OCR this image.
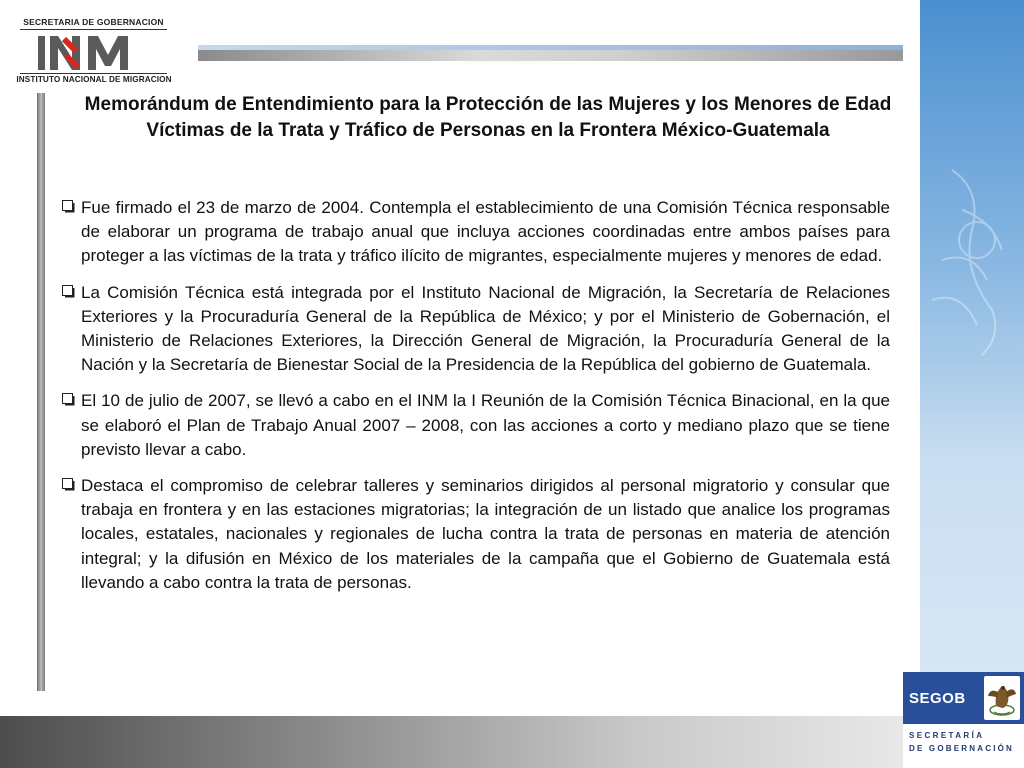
SEGOB
SECRETARÍA
DE GOBERNACIÓN
SECRETARIA DE GOBERNACION
INSTITUTO NACIONAL DE MIGRACION
Memorándum de Entendimiento para la Protección de las Mujeres y los Menores de Edad Víctimas de la Trata y Tráfico de Personas en la Frontera México-Guatemala
Fue firmado el 23 de marzo de 2004. Contempla el establecimiento de una Comisión Técnica responsable de elaborar un programa de trabajo anual que incluya acciones coordinadas entre ambos países para proteger a las víctimas de la trata y tráfico ilícito de migrantes, especialmente mujeres y menores de edad.
La Comisión Técnica está integrada por el Instituto Nacional de Migración, la Secretaría de Relaciones Exteriores y la Procuraduría General de la República de México; y por el Ministerio de Gobernación, el Ministerio de Relaciones Exteriores, la Dirección General de Migración, la Procuraduría General de la Nación y la Secretaría de Bienestar Social de la Presidencia de la República del gobierno de Guatemala.
El 10 de julio de 2007, se llevó a cabo en el INM la I Reunión de la Comisión Técnica Binacional, en la que se elaboró el Plan de Trabajo Anual 2007 – 2008, con las acciones a corto y mediano plazo que se tiene previsto llevar a cabo.
Destaca el compromiso de celebrar talleres y seminarios dirigidos al personal migratorio y consular que trabaja en frontera y en las estaciones migratorias; la integración de un listado que analice los programas locales, estatales, nacionales y regionales de lucha contra la trata de personas en materia de atención integral; y la difusión en México de los materiales de la campaña que el Gobierno de Guatemala está llevando a cabo contra la trata de personas.
